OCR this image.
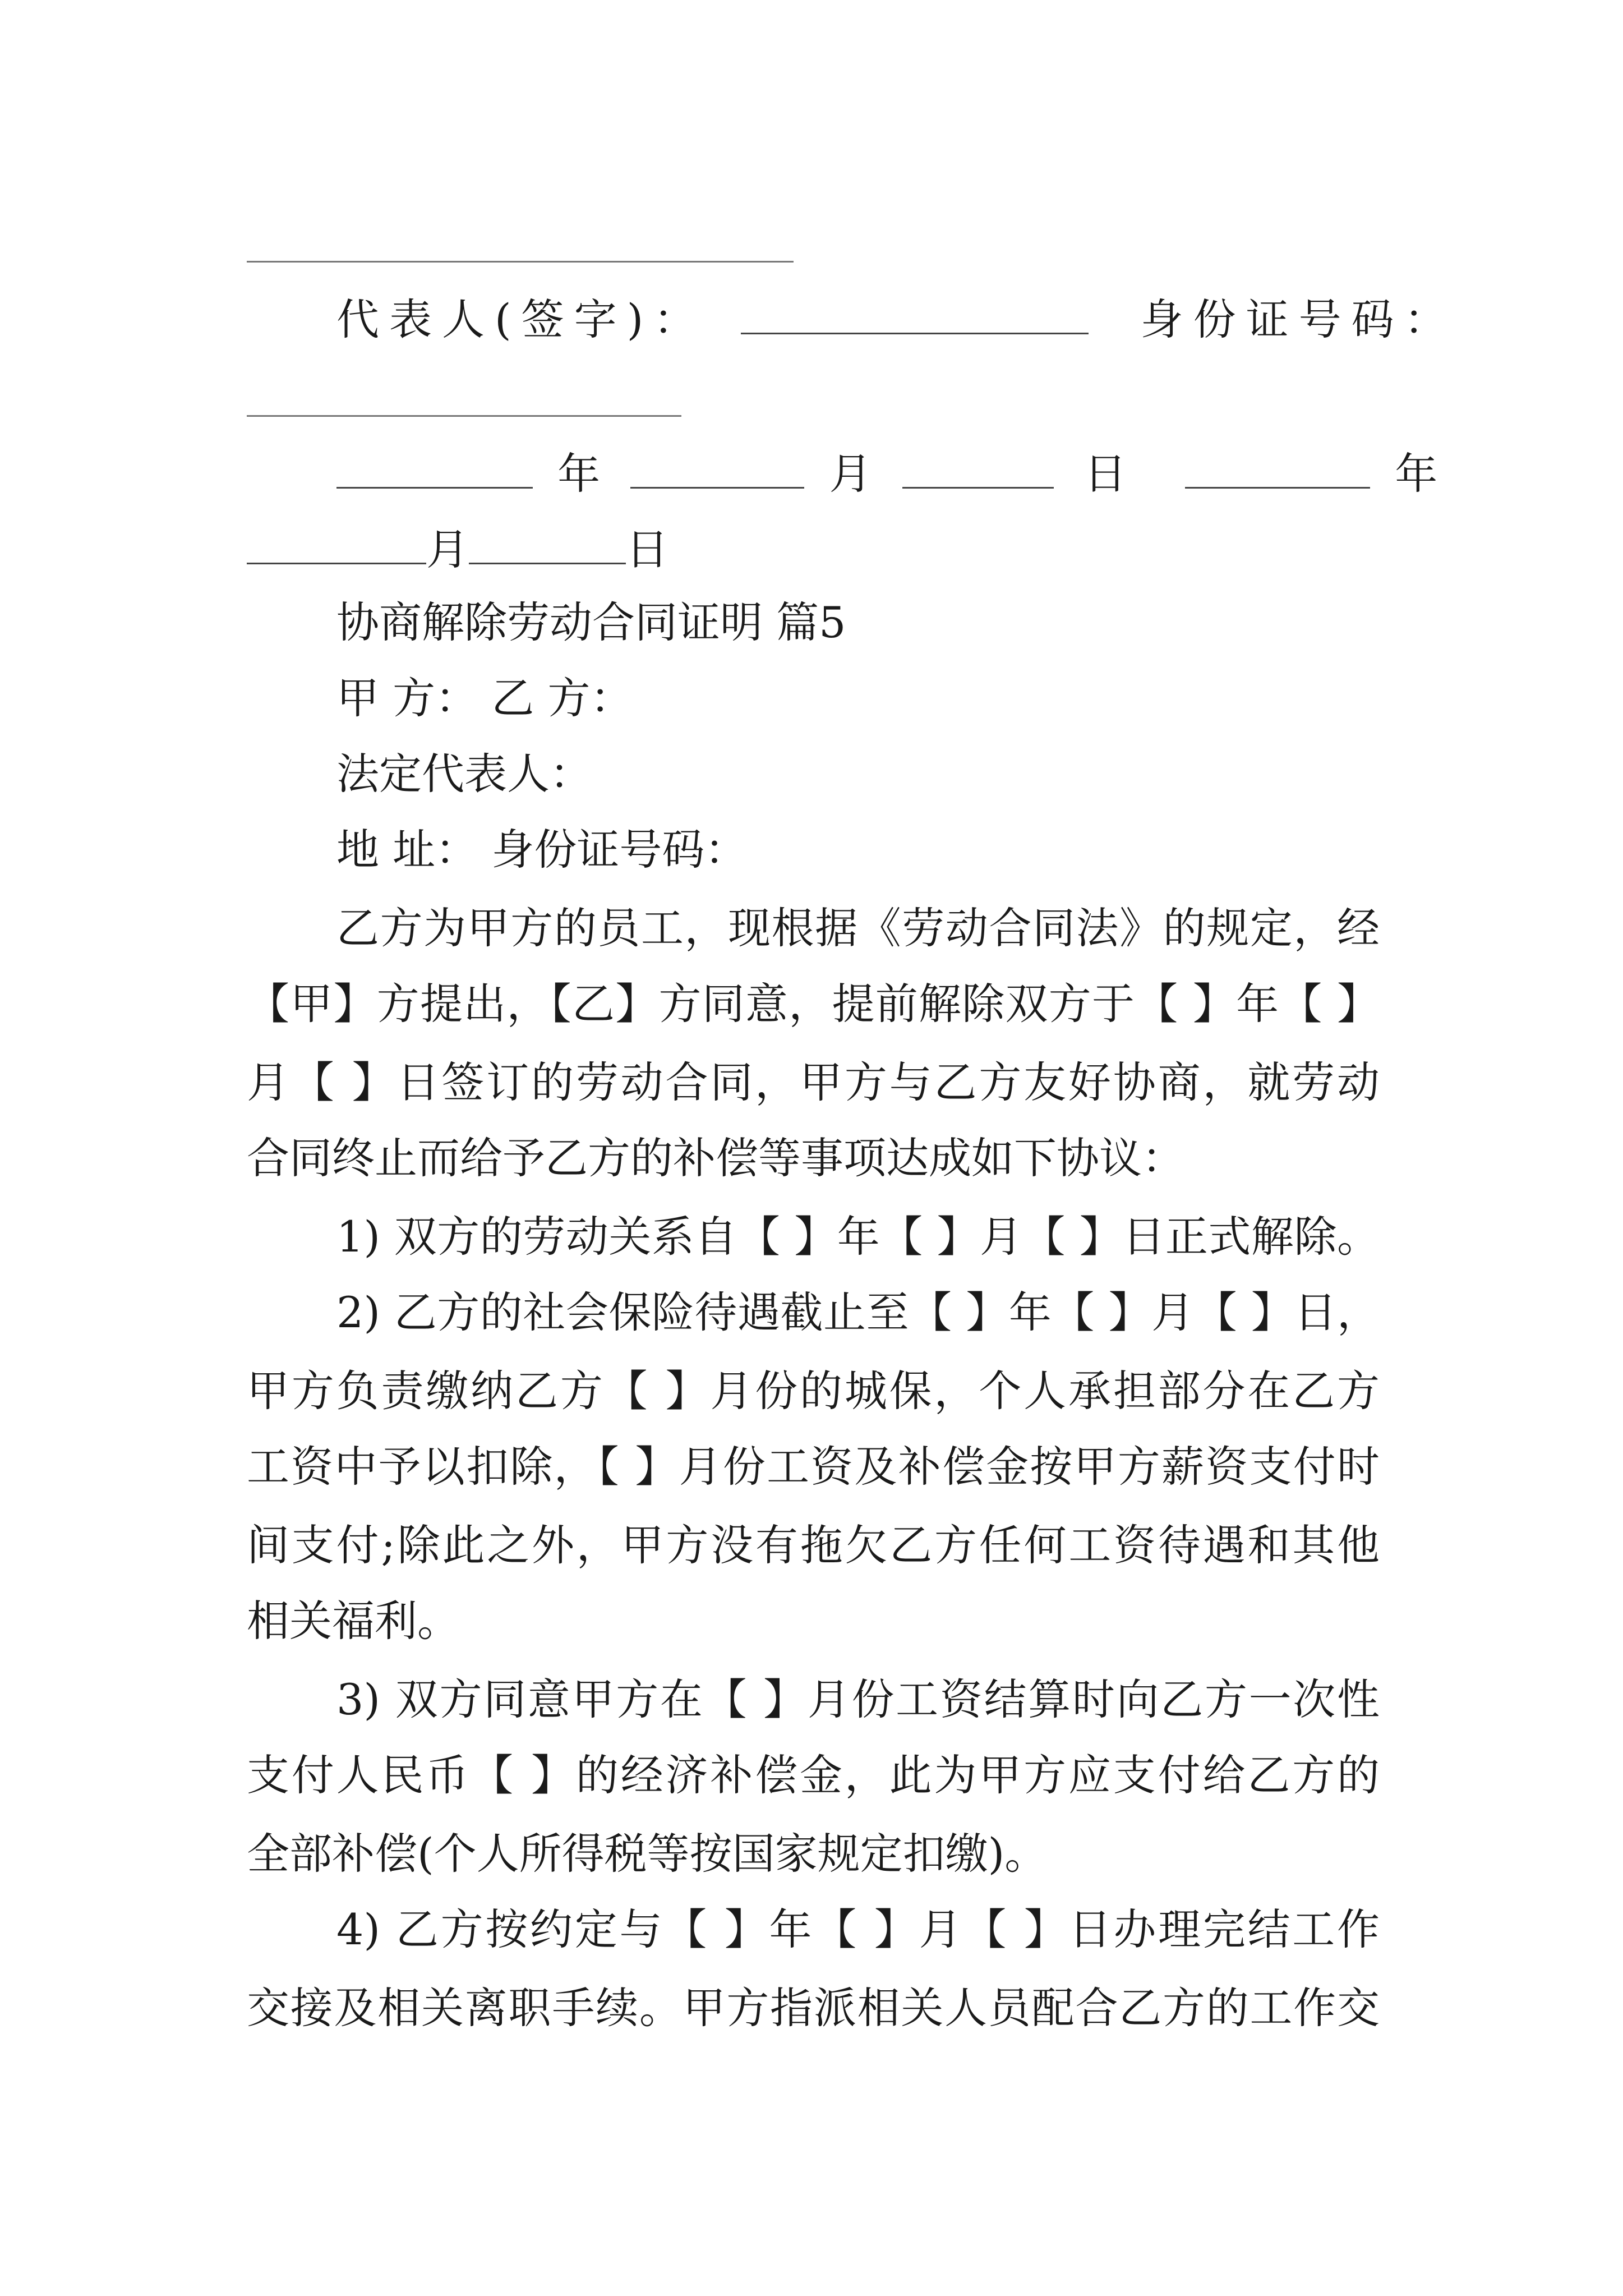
代表人(签字)：	身份证号码：
年	月	日	年
月	日
协商解除劳动合同证明 篇5
甲 方： 乙 方：
法定代表人：
地 址： 身份证号码：
乙方为甲方的员工，现根据《劳动合同法》的规定，经
【甲】方提出，【乙】方同意，提前解除双方于【 】年【 】
月【 】日签订的劳动合同，甲方与乙方友好协商，就劳动
合同终止而给予乙方的补偿等事项达成如下协议：
1) 双方的劳动关系自【 】年【 】月【 】日正式解除。
2) 乙方的社会保险待遇截止至【 】年【 】月【 】日，
甲方负责缴纳乙方【 】月份的城保，个人承担部分在乙方
工资中予以扣除，【 】月份工资及补偿金按甲方薪资支付时
间支付;除此之外，甲方没有拖欠乙方任何工资待遇和其他
相关福利。
3) 双方同意甲方在【 】月份工资结算时向乙方一次性
支付人民币【 】的经济补偿金，此为甲方应支付给乙方的
全部补偿(个人所得税等按国家规定扣缴)。
4) 乙方按约定与【 】年【 】月【 】日办理完结工作
交接及相关离职手续。甲方指派相关人员配合乙方的工作交
